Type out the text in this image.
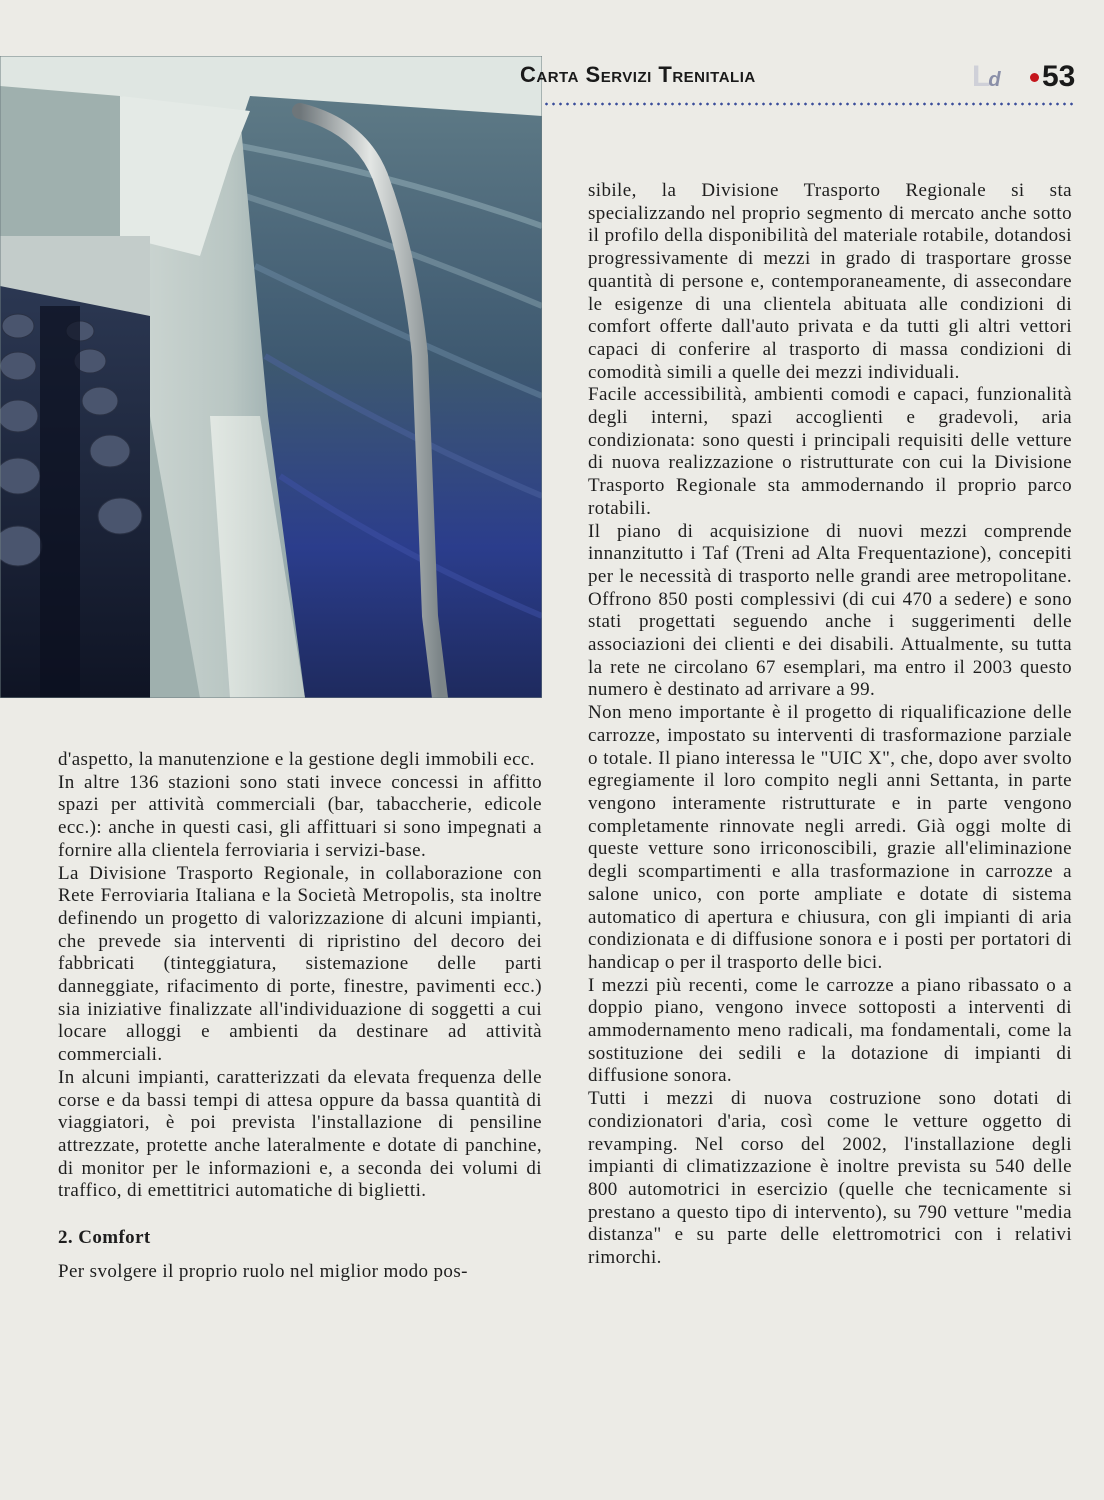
Carta Servizi Trenitalia	Ld 53

d'aspetto, la manutenzione e la gestione degli immobili ecc.

In altre 136 stazioni sono stati invece concessi in affitto spazi per attività commerciali (bar, tabaccherie, edicole ecc.): anche in questi casi, gli affittuari si sono impegnati a fornire alla clientela ferroviaria i servizi-base.

La Divisione Trasporto Regionale, in collaborazione con Rete Ferroviaria Italiana e la Società Metropolis, sta inoltre definendo un progetto di valorizzazione di alcuni impianti, che prevede sia interventi di ripristino del decoro dei fabbricati (tinteggiatura, sistemazione delle parti danneggiate, rifacimento di porte, finestre, pavimenti ecc.) sia iniziative finalizzate all'individuazione di soggetti a cui locare alloggi e ambienti da destinare ad attività commerciali.

In alcuni impianti, caratterizzati da elevata frequenza delle corse e da bassi tempi di attesa oppure da bassa quantità di viaggiatori, è poi prevista l'installazione di pensiline attrezzate, protette anche lateralmente e dotate di panchine, di monitor per le informazioni e, a seconda dei volumi di traffico, di emettitrici automatiche di biglietti.

2. Comfort

Per svolgere il proprio ruolo nel miglior modo pos-

sibile, la Divisione Trasporto Regionale si sta specializzando nel proprio segmento di mercato anche sotto il profilo della disponibilità del materiale rotabile, dotandosi progressivamente di mezzi in grado di trasportare grosse quantità di persone e, contemporaneamente, di assecondare le esigenze di una clientela abituata alle condizioni di comfort offerte dall'auto privata e da tutti gli altri vettori capaci di conferire al trasporto di massa condizioni di comodità simili a quelle dei mezzi individuali.

Facile accessibilità, ambienti comodi e capaci, funzionalità degli interni, spazi accoglienti e gradevoli, aria condizionata: sono questi i principali requisiti delle vetture di nuova realizzazione o ristrutturate con cui la Divisione Trasporto Regionale sta ammodernando il proprio parco rotabili.

Il piano di acquisizione di nuovi mezzi comprende innanzitutto i Taf (Treni ad Alta Frequentazione), concepiti per le necessità di trasporto nelle grandi aree metropolitane. Offrono 850 posti complessivi (di cui 470 a sedere) e sono stati progettati seguendo anche i suggerimenti delle associazioni dei clienti e dei disabili. Attualmente, su tutta la rete ne circolano 67 esemplari, ma entro il 2003 questo numero è destinato ad arrivare a 99.

Non meno importante è il progetto di riqualificazione delle carrozze, impostato su interventi di trasformazione parziale o totale. Il piano interessa le "UIC X", che, dopo aver svolto egregiamente il loro compito negli anni Settanta, in parte vengono interamente ristrutturate e in parte vengono completamente rinnovate negli arredi. Già oggi molte di queste vetture sono irriconoscibili, grazie all'eliminazione degli scompartimenti e alla trasformazione in carrozze a salone unico, con porte ampliate e dotate di sistema automatico di apertura e chiusura, con gli impianti di aria condizionata e di diffusione sonora e i posti per portatori di handicap o per il trasporto delle bici.

I mezzi più recenti, come le carrozze a piano ribassato o a doppio piano, vengono invece sottoposti a interventi di ammodernamento meno radicali, ma fondamentali, come la sostituzione dei sedili e la dotazione di impianti di diffusione sonora.

Tutti i mezzi di nuova costruzione sono dotati di condizionatori d'aria, così come le vetture oggetto di revamping. Nel corso del 2002, l'installazione degli impianti di climatizzazione è inoltre prevista su 540 delle 800 automotrici in esercizio (quelle che tecnicamente si prestano a questo tipo di intervento), su 790 vetture "media distanza" e su parte delle elettromotrici con i relativi rimorchi.
